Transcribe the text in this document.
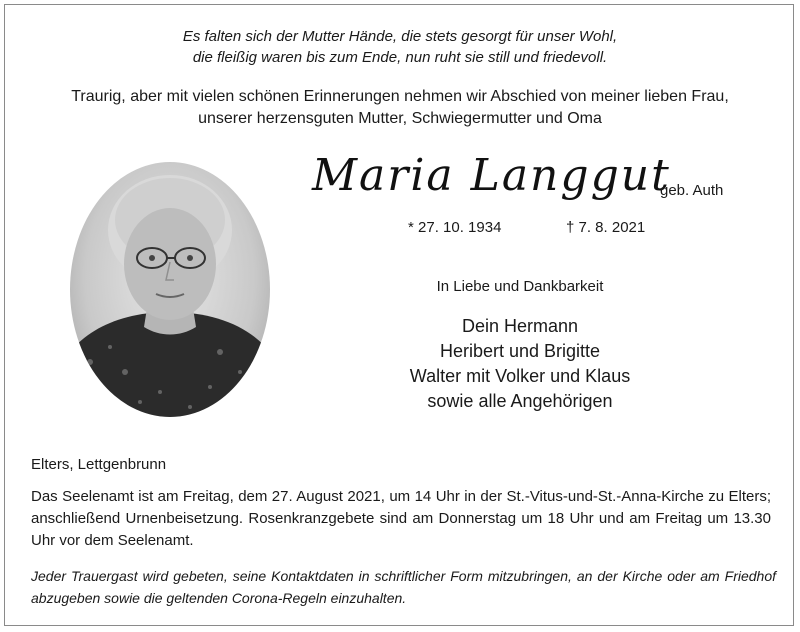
Es falten sich der Mutter Hände, die stets gesorgt für unser Wohl,
die fleißig waren bis zum Ende, nun ruht sie still und friedevoll.
Traurig, aber mit vielen schönen Erinnerungen nehmen wir Abschied von meiner lieben Frau,
unserer herzensguten Mutter, Schwiegermutter und Oma
Maria Langgut
geb. Auth
* 27. 10. 1934	† 7. 8. 2021
In Liebe und Dankbarkeit
Dein Hermann
Heribert und Brigitte
Walter mit Volker und Klaus
sowie alle Angehörigen
Elters, Lettgenbrunn
Das Seelenamt ist am Freitag, dem 27. August 2021, um 14 Uhr in der St.-Vitus-und-St.-Anna-Kirche zu Elters; anschließend Urnenbeisetzung. Rosenkranzgebete sind am Donnerstag um 18 Uhr und am Freitag um 13.30 Uhr vor dem Seelenamt.
Jeder Trauergast wird gebeten, seine Kontaktdaten in schriftlicher Form mitzubringen, an der Kirche oder am Friedhof abzugeben sowie die geltenden Corona-Regeln einzuhalten.
